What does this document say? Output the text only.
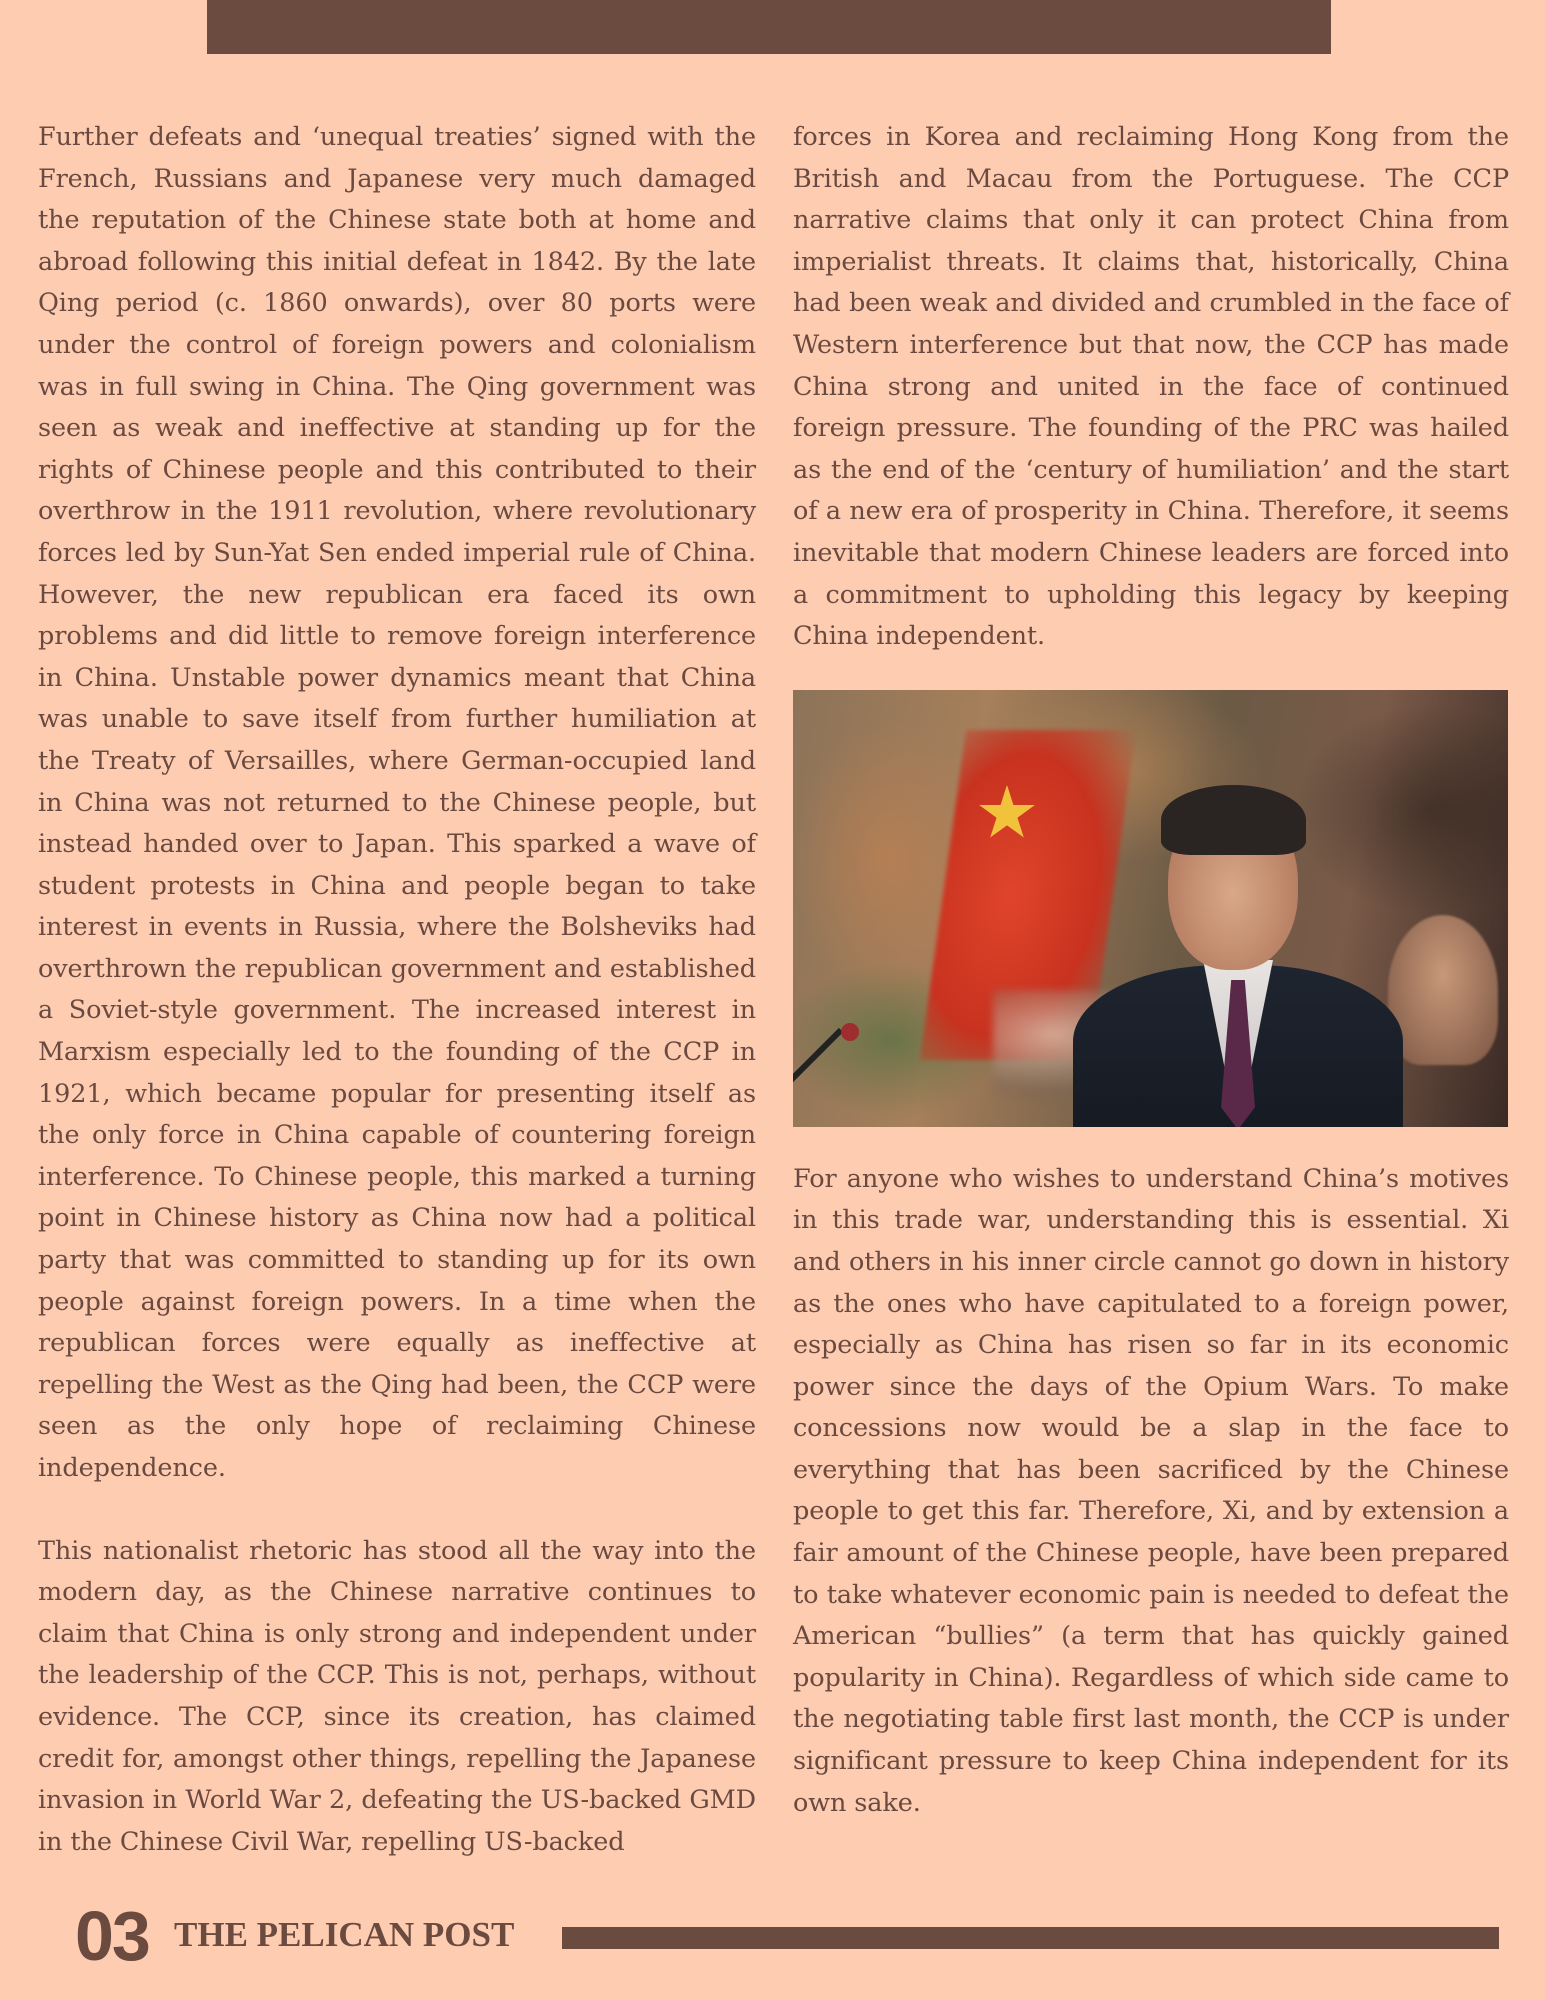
Further defeats and ‘unequal treaties’ signed with the French, Russians and Japanese very much damaged the reputation of the Chinese state both at home and abroad following this initial defeat in 1842. By the late Qing period (c. 1860 onwards), over 80 ports were under the control of foreign powers and colonialism was in full swing in China. The Qing government was seen as weak and ineffective at standing up for the rights of Chinese people and this contributed to their overthrow in the 1911 revolution, where revolutionary forces led by Sun-Yat Sen ended imperial rule of China. However, the new republican era faced its own problems and did little to remove foreign interference in China. Unstable power dynamics meant that China was unable to save itself from further humiliation at the Treaty of Versailles, where German-occupied land in China was not returned to the Chinese people, but instead handed over to Japan. This sparked a wave of student protests in China and people began to take interest in events in Russia, where the Bolsheviks had overthrown the republican government and established a Soviet-style government. The increased interest in Marxism especially led to the founding of the CCP in 1921, which became popular for presenting itself as the only force in China capable of countering foreign interference. To Chinese people, this marked a turning point in Chinese history as China now had a political party that was committed to standing up for its own people against foreign powers. In a time when the republican forces were equally as ineffective at repelling the West as the Qing had been, the CCP were seen as the only hope of reclaiming Chinese independence.

This nationalist rhetoric has stood all the way into the modern day, as the Chinese narrative continues to claim that China is only strong and independent under the leadership of the CCP. This is not, perhaps, without evidence. The CCP, since its creation, has claimed credit for, amongst other things, repelling the Japanese invasion in World War 2, defeating the US-backed GMD in the Chinese Civil War, repelling US-backed

forces in Korea and reclaiming Hong Kong from the British and Macau from the Portuguese. The CCP narrative claims that only it can protect China from imperialist threats. It claims that, historically, China had been weak and divided and crumbled in the face of Western interference but that now, the CCP has made China strong and united in the face of continued foreign pressure. The founding of the PRC was hailed as the end of the ‘century of humiliation’ and the start of a new era of prosperity in China. Therefore, it seems inevitable that modern Chinese leaders are forced into a commitment to upholding this legacy by keeping China independent.

For anyone who wishes to understand China’s motives in this trade war, understanding this is essential. Xi and others in his inner circle cannot go down in history as the ones who have capitulated to a foreign power, especially as China has risen so far in its economic power since the days of the Opium Wars. To make concessions now would be a slap in the face to everything that has been sacrificed by the Chinese people to get this far. Therefore, Xi, and by extension a fair amount of the Chinese people, have been prepared to take whatever economic pain is needed to defeat the American “bullies” (a term that has quickly gained popularity in China). Regardless of which side came to the negotiating table first last month, the CCP is under significant pressure to keep China independent for its own sake.

03 THE PELICAN POST
